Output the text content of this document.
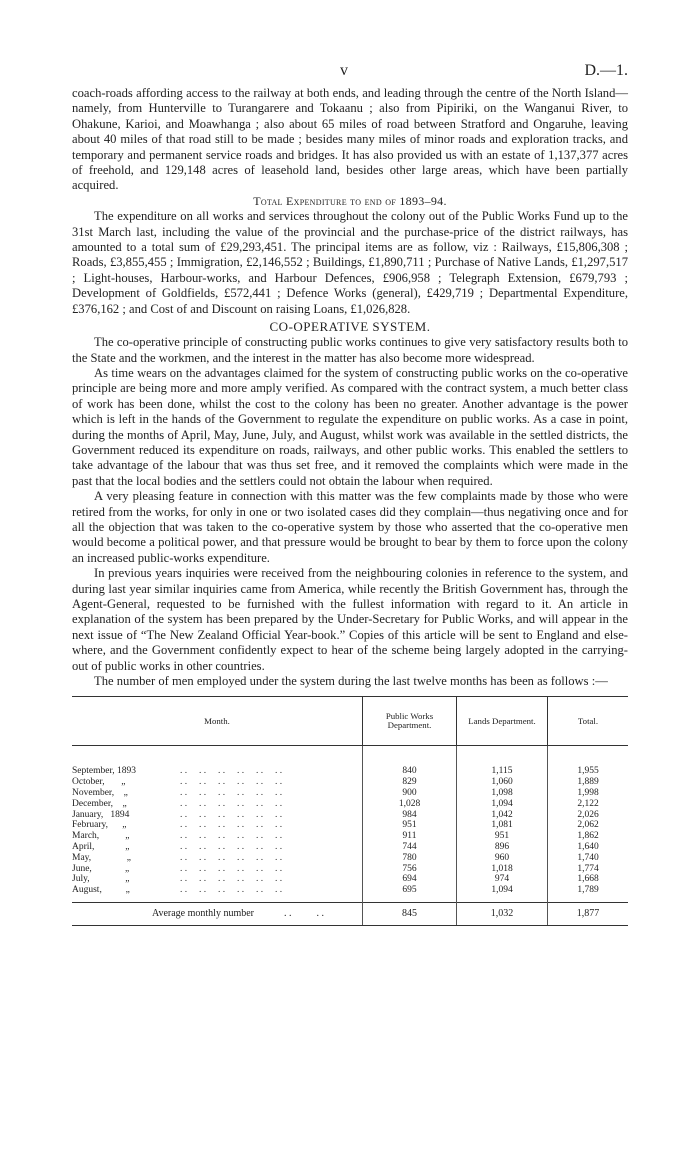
v	D.—1.

coach-roads affording access to the railway at both ends, and leading through the centre of the North Island—namely, from Hunterville to Turangarere and Tokaanu ; also from Pipiriki, on the Wanganui River, to Ohakune, Karioi, and Moawhanga ; also about 65 miles of road between Stratford and Ongaruhe, leaving about 40 miles of that road still to be made ; besides many miles of minor roads and exploration tracks, and temporary and permanent service roads and bridges. It has also provided us with an estate of 1,137,377 acres of freehold, and 129,148 acres of leasehold land, besides other large areas, which have been partially acquired.

Total Expenditure to end of 1893–94.

The expenditure on all works and services throughout the colony out of the Public Works Fund up to the 31st March last, including the value of the provincial and the purchase-price of the district railways, has amounted to a total sum of £29,293,451. The principal items are as follow, viz : Railways, £15,806,308 ; Roads, £3,855,455 ; Immigration, £2,146,552 ; Buildings, £1,890,711 ; Purchase of Native Lands, £1,297,517 ; Light-houses, Harbour-works, and Harbour Defences, £906,958 ; Telegraph Extension, £679,793 ; Development of Goldfields, £572,441 ; Defence Works (general), £429,719 ; Departmental Expenditure, £376,162 ; and Cost of and Discount on raising Loans, £1,026,828.

CO-OPERATIVE SYSTEM.

The co-operative principle of constructing public works continues to give very satisfactory results both to the State and the workmen, and the interest in the matter has also become more widespread.

As time wears on the advantages claimed for the system of constructing public works on the co-operative principle are being more and more amply verified. As compared with the contract system, a much better class of work has been done, whilst the cost to the colony has been no greater. Another advantage is the power which is left in the hands of the Government to regulate the expenditure on public works. As a case in point, during the months of April, May, June, July, and August, whilst work was available in the settled districts, the Government reduced its expenditure on roads, railways, and other public works. This enabled the settlers to take advantage of the labour that was thus set free, and it removed the complaints which were made in the past that the local bodies and the settlers could not obtain the labour when required.

A very pleasing feature in connection with this matter was the few complaints made by those who were retired from the works, for only in one or two isolated cases did they complain—thus negativing once and for all the objection that was taken to the co-operative system by those who asserted that the co-operative men would become a political power, and that pressure would be brought to bear by them to force upon the colony an increased public-works expenditure.

In previous years inquiries were received from the neighbouring colonies in reference to the system, and during last year similar inquiries came from America, while recently the British Government has, through the Agent-General, requested to be furnished with the fullest information with regard to it. An article in explanation of the system has been prepared by the Under-Secretary for Public Works, and will appear in the next issue of “The New Zealand Official Year-book.” Copies of this article will be sent to England and else-where, and the Government confidently expect to hear of the scheme being largely adopted in the carrying-out of public works in other countries.

The number of men employed under the system during the last twelve months has been as follows :—

Month.	Public Works Department.	Lands Department.	Total.

September, 1893 . .     . .     . .     . .     . .     . .	840	1,115	1,955

October,       „ . .     . .     . .     . .     . .     . .	829	1,060	1,889

November,    „ . .     . .     . .     . .     . .     . .	900	1,098	1,998

December,    „ . .     . .     . .     . .     . .     . .	1,028	1,094	2,122

January,   1894 . .     . .     . .     . .     . .     . .	984	1,042	2,026

February,      „ . .     . .     . .     . .     . .     . .	951	1,081	2,062

March,           „ . .     . .     . .     . .     . .     . .	911	951	1,862

April,             „ . .     . .     . .     . .     . .     . .	744	896	1,640

May,               „ . .     . .     . .     . .     . .     . .	780	960	1,740

June,              „ . .     . .     . .     . .     . .     . .	756	1,018	1,774

July,               „ . .     . .     . .     . .     . .     . .	694	974	1,668

August,          „ . .     . .     . .     . .     . .     . .	695	1,094	1,789

Average monthly number . .          . .	845	1,032	1,877
